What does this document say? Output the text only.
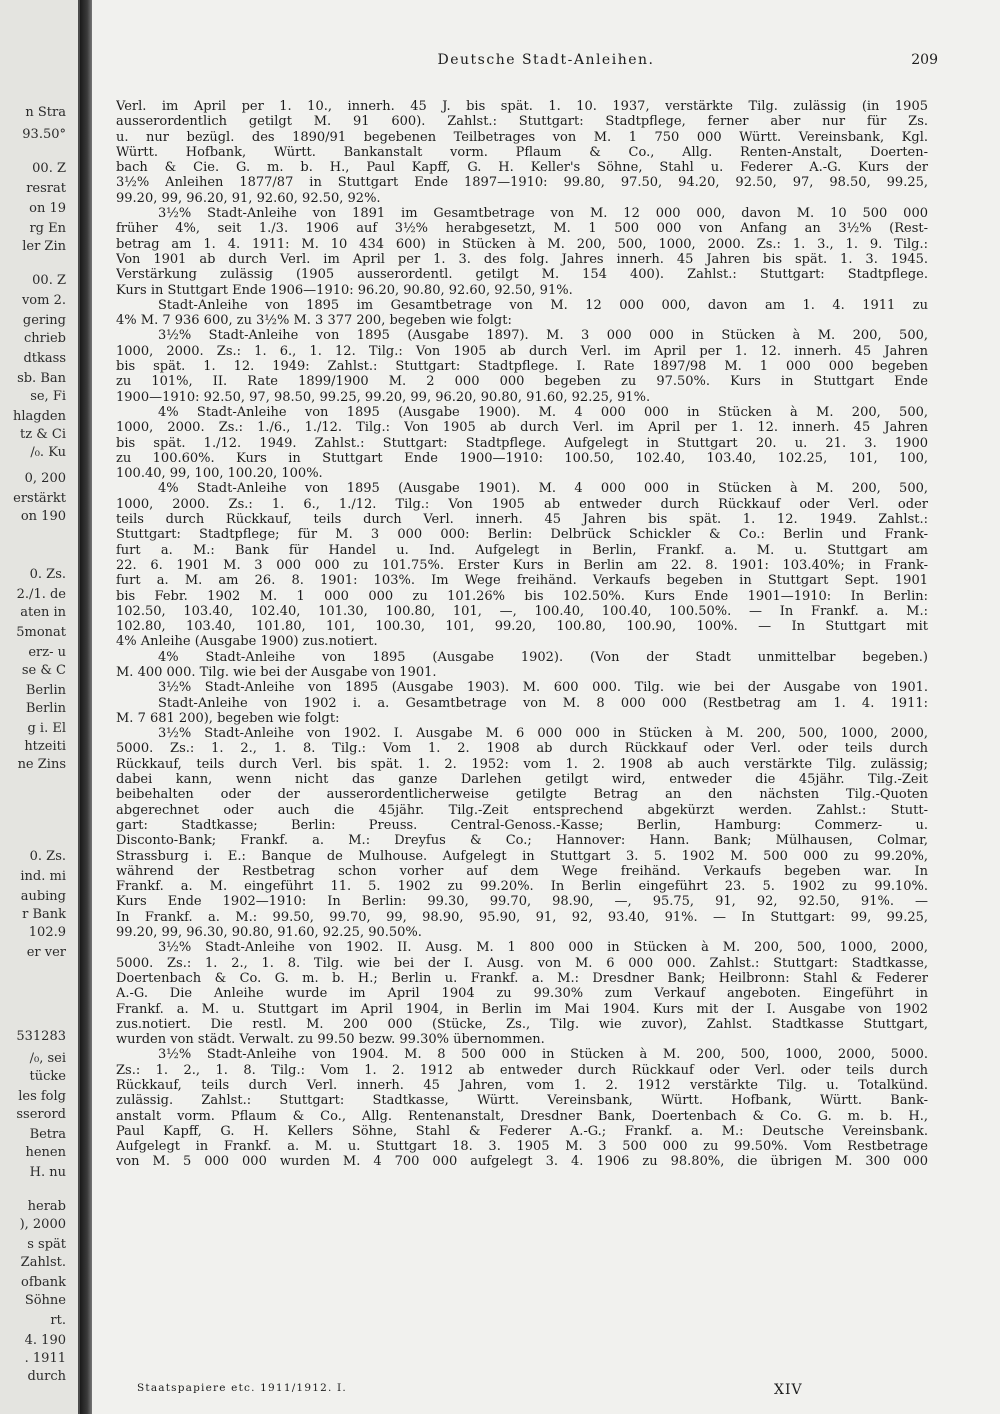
n Stra
93.50°
00. Z
resrat
on 19
rg En
ler Zin
00. Z
vom 2.
gering
chrieb
dtkass
sb. Ban
se, Fi
hlagden
tz & Ci
/₀. Ku
0, 200
erstärkt
on 190
0. Zs.
2./1. de
aten in
5monat
erz- u
se & C
Berlin
Berlin
g i. El
htzeiti
ne Zins
0. Zs.
ind. mi
aubing
r Bank
102.9
er ver
531283
/₀, sei
tücke
les folg
sserord
Betra
henen
H. nu
herab
), 2000
s spät
Zahlst.
ofbank
Söhne
rt.
4. 190
. 1911
durch
Deutsche Stadt-Anleihen.	209
Verl. im April per 1. 10., innerh. 45 J. bis spät. 1. 10. 1937, verstärkte Tilg. zulässig (in 1905
ausserordentlich getilgt M. 91 600). Zahlst.: Stuttgart: Stadtpflege, ferner aber nur für Zs.
u. nur bezügl. des 1890/91 begebenen Teilbetrages von M. 1 750 000 Württ. Vereinsbank, Kgl.
Württ. Hofbank, Württ. Bankanstalt vorm. Pflaum & Co., Allg. Renten-Anstalt, Doerten-
bach & Cie. G. m. b. H., Paul Kapff, G. H. Keller's Söhne, Stahl u. Federer A.-G. Kurs der
3½% Anleihen 1877/87 in Stuttgart Ende 1897—1910: 99.80, 97.50, 94.20, 92.50, 97, 98.50, 99.25,
99.20, 99, 96.20, 91, 92.60, 92.50, 92%.
3½% Stadt-Anleihe von 1891 im Gesamtbetrage von M. 12 000 000, davon M. 10 500 000
früher 4%, seit 1./3. 1906 auf 3½% herabgesetzt, M. 1 500 000 von Anfang an 3½% (Rest-
betrag am 1. 4. 1911: M. 10 434 600) in Stücken à M. 200, 500, 1000, 2000. Zs.: 1. 3., 1. 9. Tilg.:
Von 1901 ab durch Verl. im April per 1. 3. des folg. Jahres innerh. 45 Jahren bis spät. 1. 3. 1945.
Verstärkung zulässig (1905 ausserordentl. getilgt M. 154 400). Zahlst.: Stuttgart: Stadtpflege.
Kurs in Stuttgart Ende 1906—1910: 96.20, 90.80, 92.60, 92.50, 91%.
Stadt-Anleihe von 1895 im Gesamtbetrage von M. 12 000 000, davon am 1. 4. 1911 zu
4% M. 7 936 600, zu 3½% M. 3 377 200, begeben wie folgt:
3½% Stadt-Anleihe von 1895 (Ausgabe 1897). M. 3 000 000 in Stücken à M. 200, 500,
1000, 2000. Zs.: 1. 6., 1. 12. Tilg.: Von 1905 ab durch Verl. im April per 1. 12. innerh. 45 Jahren
bis spät. 1. 12. 1949: Zahlst.: Stuttgart: Stadtpflege. I. Rate 1897/98 M. 1 000 000 begeben
zu 101%, II. Rate 1899/1900 M. 2 000 000 begeben zu 97.50%. Kurs in Stuttgart Ende
1900—1910: 92.50, 97, 98.50, 99.25, 99.20, 99, 96.20, 90.80, 91.60, 92.25, 91%.
4% Stadt-Anleihe von 1895 (Ausgabe 1900). M. 4 000 000 in Stücken à M. 200, 500,
1000, 2000. Zs.: 1./6., 1./12. Tilg.: Von 1905 ab durch Verl. im April per 1. 12. innerh. 45 Jahren
bis spät. 1./12. 1949. Zahlst.: Stuttgart: Stadtpflege. Aufgelegt in Stuttgart 20. u. 21. 3. 1900
zu 100.60%. Kurs in Stuttgart Ende 1900—1910: 100.50, 102.40, 103.40, 102.25, 101, 100,
100.40, 99, 100, 100.20, 100%.
4% Stadt-Anleihe von 1895 (Ausgabe 1901). M. 4 000 000 in Stücken à M. 200, 500,
1000, 2000. Zs.: 1. 6., 1./12. Tilg.: Von 1905 ab entweder durch Rückkauf oder Verl. oder
teils durch Rückkauf, teils durch Verl. innerh. 45 Jahren bis spät. 1. 12. 1949. Zahlst.:
Stuttgart: Stadtpflege; für M. 3 000 000: Berlin: Delbrück Schickler & Co.: Berlin und Frank-
furt a. M.: Bank für Handel u. Ind. Aufgelegt in Berlin, Frankf. a. M. u. Stuttgart am
22. 6. 1901 M. 3 000 000 zu 101.75%. Erster Kurs in Berlin am 22. 8. 1901: 103.40%; in Frank-
furt a. M. am 26. 8. 1901: 103%. Im Wege freihänd. Verkaufs begeben in Stuttgart Sept. 1901
bis Febr. 1902 M. 1 000 000 zu 101.26% bis 102.50%. Kurs Ende 1901—1910: In Berlin:
102.50, 103.40, 102.40, 101.30, 100.80, 101, —, 100.40, 100.40, 100.50%. — In Frankf. a. M.:
102.80, 103.40, 101.80, 101, 100.30, 101, 99.20, 100.80, 100.90, 100%. — In Stuttgart mit
4% Anleihe (Ausgabe 1900) zus.notiert.
4% Stadt-Anleihe von 1895 (Ausgabe 1902). (Von der Stadt unmittelbar begeben.)
M. 400 000. Tilg. wie bei der Ausgabe von 1901.
3½% Stadt-Anleihe von 1895 (Ausgabe 1903). M. 600 000. Tilg. wie bei der Ausgabe von 1901.
Stadt-Anleihe von 1902 i. a. Gesamtbetrage von M. 8 000 000 (Restbetrag am 1. 4. 1911:
M. 7 681 200), begeben wie folgt:
3½% Stadt-Anleihe von 1902. I. Ausgabe M. 6 000 000 in Stücken à M. 200, 500, 1000, 2000,
5000. Zs.: 1. 2., 1. 8. Tilg.: Vom 1. 2. 1908 ab durch Rückkauf oder Verl. oder teils durch
Rückkauf, teils durch Verl. bis spät. 1. 2. 1952: vom 1. 2. 1908 ab auch verstärkte Tilg. zulässig;
dabei kann, wenn nicht das ganze Darlehen getilgt wird, entweder die 45jähr. Tilg.-Zeit
beibehalten oder der ausserordentlicherweise getilgte Betrag an den nächsten Tilg.-Quoten
abgerechnet oder auch die 45jähr. Tilg.-Zeit entsprechend abgekürzt werden. Zahlst.: Stutt-
gart: Stadtkasse; Berlin: Preuss. Central-Genoss.-Kasse; Berlin, Hamburg: Commerz- u.
Disconto-Bank; Frankf. a. M.: Dreyfus & Co.; Hannover: Hann. Bank; Mülhausen, Colmar,
Strassburg i. E.: Banque de Mulhouse. Aufgelegt in Stuttgart 3. 5. 1902 M. 500 000 zu 99.20%,
während der Restbetrag schon vorher auf dem Wege freihänd. Verkaufs begeben war. In
Frankf. a. M. eingeführt 11. 5. 1902 zu 99.20%. In Berlin eingeführt 23. 5. 1902 zu 99.10%.
Kurs Ende 1902—1910: In Berlin: 99.30, 99.70, 98.90, —, 95.75, 91, 92, 92.50, 91%. —
In Frankf. a. M.: 99.50, 99.70, 99, 98.90, 95.90, 91, 92, 93.40, 91%. — In Stuttgart: 99, 99.25,
99.20, 99, 96.30, 90.80, 91.60, 92.25, 90.50%.
3½% Stadt-Anleihe von 1902. II. Ausg. M. 1 800 000 in Stücken à M. 200, 500, 1000, 2000,
5000. Zs.: 1. 2., 1. 8. Tilg. wie bei der I. Ausg. von M. 6 000 000. Zahlst.: Stuttgart: Stadtkasse,
Doertenbach & Co. G. m. b. H.; Berlin u. Frankf. a. M.: Dresdner Bank; Heilbronn: Stahl & Federer
A.-G. Die Anleihe wurde im April 1904 zu 99.30% zum Verkauf angeboten. Eingeführt in
Frankf. a. M. u. Stuttgart im April 1904, in Berlin im Mai 1904. Kurs mit der I. Ausgabe von 1902
zus.notiert. Die restl. M. 200 000 (Stücke, Zs., Tilg. wie zuvor), Zahlst. Stadtkasse Stuttgart,
wurden von städt. Verwalt. zu 99.50 bezw. 99.30% übernommen.
3½% Stadt-Anleihe von 1904. M. 8 500 000 in Stücken à M. 200, 500, 1000, 2000, 5000.
Zs.: 1. 2., 1. 8. Tilg.: Vom 1. 2. 1912 ab entweder durch Rückkauf oder Verl. oder teils durch
Rückkauf, teils durch Verl. innerh. 45 Jahren, vom 1. 2. 1912 verstärkte Tilg. u. Totalkünd.
zulässig. Zahlst.: Stuttgart: Stadtkasse, Württ. Vereinsbank, Württ. Hofbank, Württ. Bank-
anstalt vorm. Pflaum & Co., Allg. Rentenanstalt, Dresdner Bank, Doertenbach & Co. G. m. b. H.,
Paul Kapff, G. H. Kellers Söhne, Stahl & Federer A.-G.; Frankf. a. M.: Deutsche Vereinsbank.
Aufgelegt in Frankf. a. M. u. Stuttgart 18. 3. 1905 M. 3 500 000 zu 99.50%. Vom Restbetrage
von M. 5 000 000 wurden M. 4 700 000 aufgelegt 3. 4. 1906 zu 98.80%, die übrigen M. 300 000
Staatspapiere etc. 1911/1912. I.	XIV
